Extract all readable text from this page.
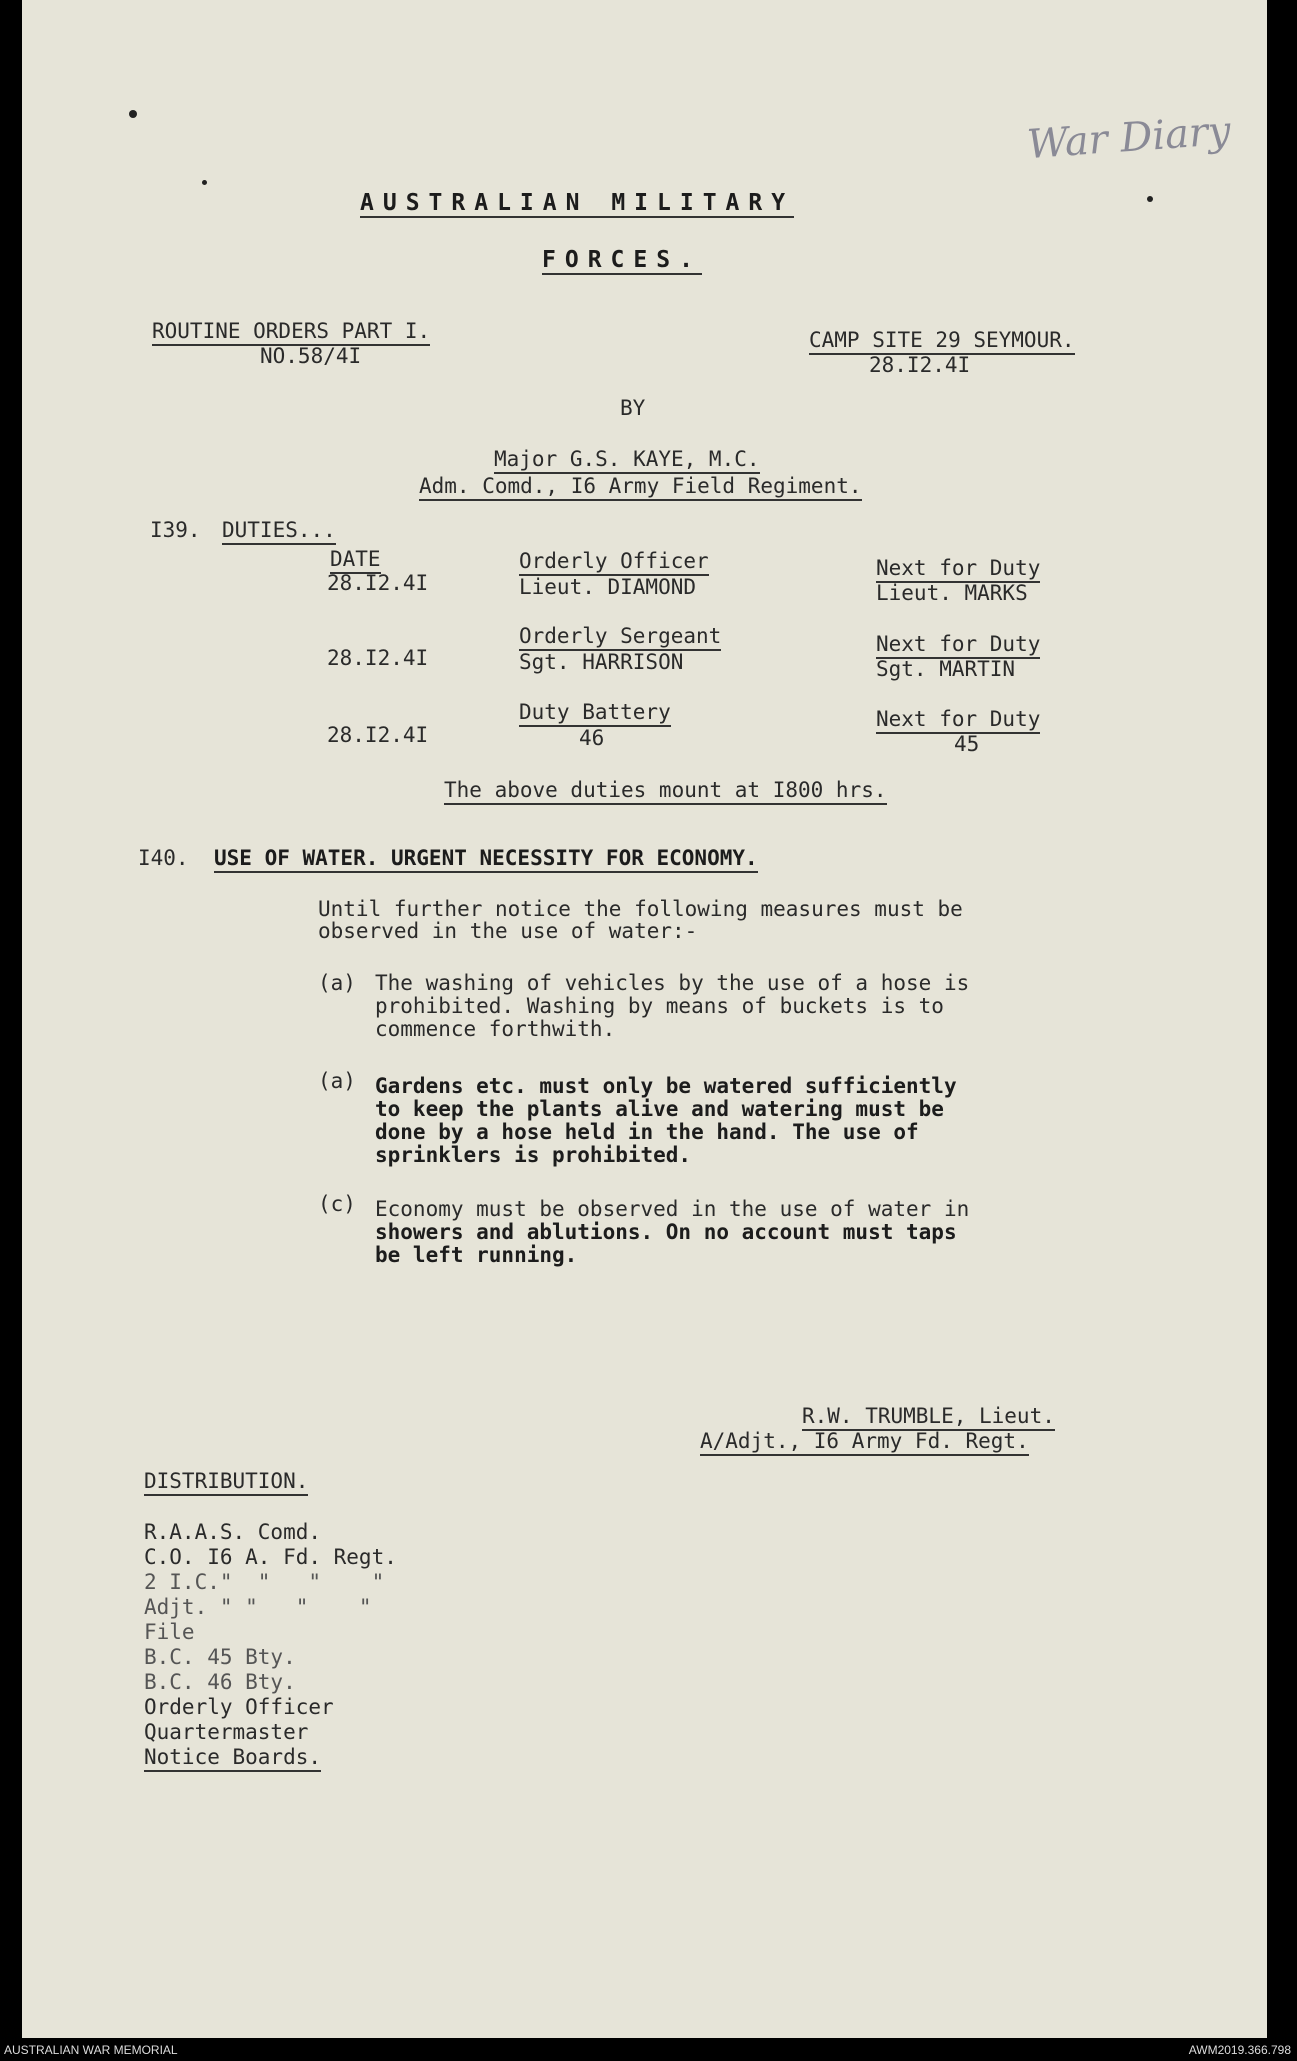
War Diary
AUSTRALIAN MILITARY
FORCES.
ROUTINE ORDERS PART I.
NO.58/4I
CAMP SITE 29 SEYMOUR.
28.I2.4I
BY
Major G.S. KAYE, M.C.
Adm. Comd., I6 Army Field Regiment.
I39. DUTIES...
DATE
28.I2.4I
Orderly Officer
Lieut. DIAMOND
Next for Duty
Lieut. MARKS
28.I2.4I
Orderly Sergeant
Sgt. HARRISON
Next for Duty
Sgt. MARTIN
28.I2.4I
Duty Battery
46
Next for Duty
45
The above duties mount at I800 hrs.
I40. USE OF WATER. URGENT NECESSITY FOR ECONOMY.
Until further notice the following measures must be
observed in the use of water:-
(a) The washing of vehicles by the use of a hose is
prohibited. Washing by means of buckets is to
commence forthwith.
(a) Gardens etc. must only be watered sufficiently
to keep the plants alive and watering must be
done by a hose held in the hand. The use of
sprinklers is prohibited.
(c) Economy must be observed in the use of water in
showers and ablutions. On no account must taps
be left running.
R.W. TRUMBLE, Lieut.
A/Adjt., I6 Army Fd. Regt.
DISTRIBUTION.
R.A.A.S. Comd.
C.O. I6 A. Fd. Regt.
2 I.C."  "   "    "
Adjt. " "   "    "
File
B.C. 45 Bty.
B.C. 46 Bty.
Orderly Officer
Quartermaster
Notice Boards.
AUSTRALIAN WAR MEMORIAL	AWM2019.366.798
